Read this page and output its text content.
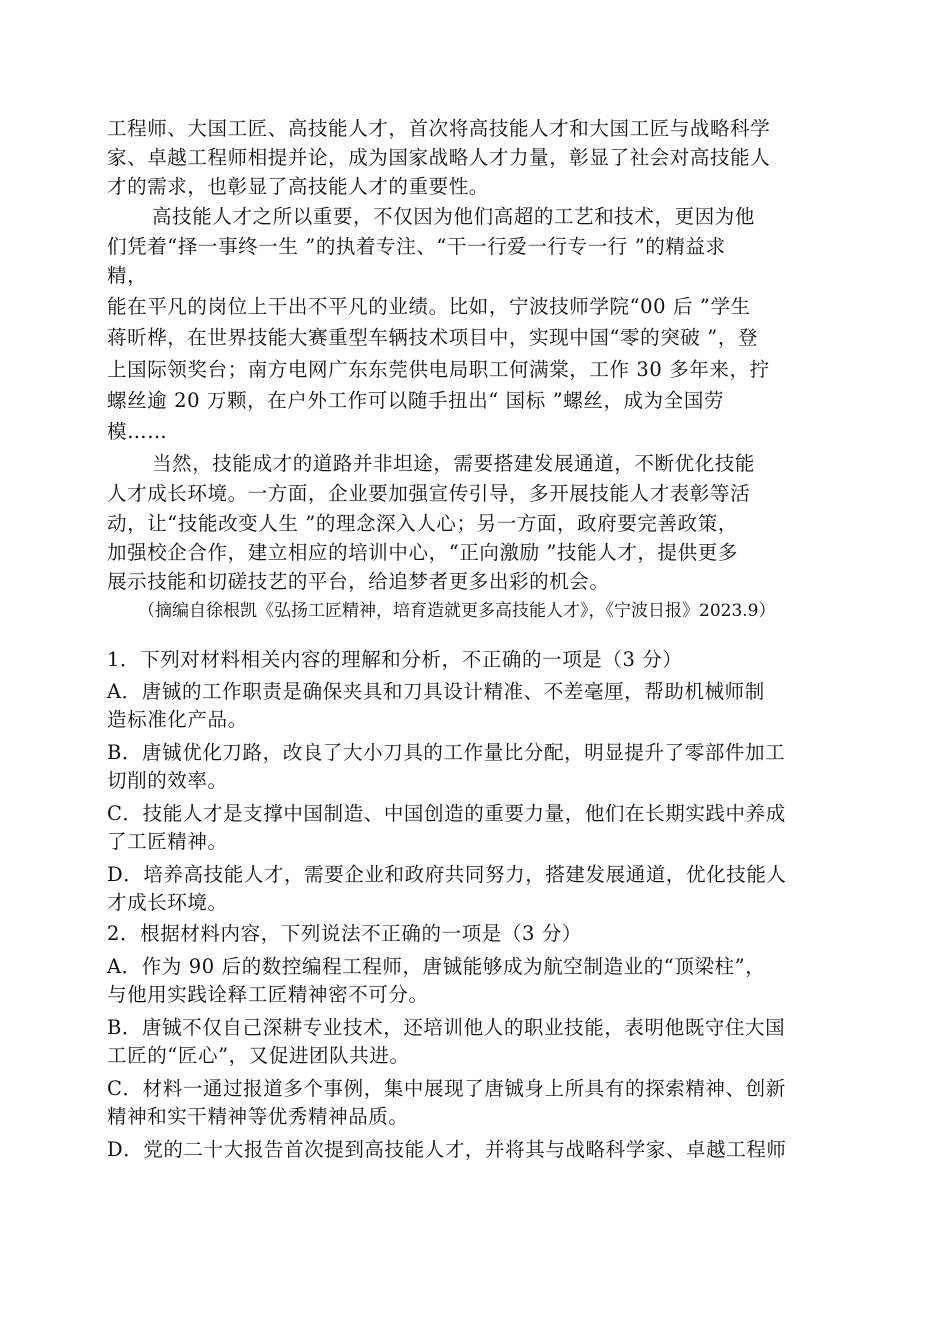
工程师、大国工匠、高技能人才，首次将高技能人才和大国工匠与战略科学
家、卓越工程师相提并论，成为国家战略人才力量，彰显了社会对高技能人
才的需求，也彰显了高技能人才的重要性。
高技能人才之所以重要，不仅因为他们高超的工艺和技术，更因为他
们凭着“择一事终一生 ”的执着专注、“干一行爱一行专一行 ”的精益求
精，
能在平凡的岗位上干出不平凡的业绩。比如，宁波技师学院“00 后 ”学生
蒋昕桦，在世界技能大赛重型车辆技术项目中，实现中国“零的突破 ”，登
上国际领奖台；南方电网广东东莞供电局职工何满棠，工作 30 多年来，拧
螺丝逾 20 万颗，在户外工作可以随手扭出“ 国标 ”螺丝，成为全国劳
模……
当然，技能成才的道路并非坦途，需要搭建发展通道，不断优化技能
人才成长环境。一方面，企业要加强宣传引导，多开展技能人才表彰等活
动，让“技能改变人生 ”的理念深入人心；另一方面，政府要完善政策，
加强校企合作，建立相应的培训中心，“正向激励 ”技能人才，提供更多
展示技能和切磋技艺的平台，给追梦者更多出彩的机会。
（摘编自徐根凯《弘扬工匠精神，培育造就更多高技能人才》，《宁波日报》2023.9）
1．下列对材料相关内容的理解和分析，不正确的一项是（3 分）
A．唐铖的工作职责是确保夹具和刀具设计精准、不差毫厘，帮助机械师制
造标准化产品。
B．唐铖优化刀路，改良了大小刀具的工作量比分配，明显提升了零部件加工
切削的效率。
C．技能人才是支撑中国制造、中国创造的重要力量，他们在长期实践中养成
了工匠精神。
D．培养高技能人才，需要企业和政府共同努力，搭建发展通道，优化技能人
才成长环境。
2．根据材料内容，下列说法不正确的一项是（3 分）
A．作为 90 后的数控编程工程师，唐铖能够成为航空制造业的“顶梁柱”，
与他用实践诠释工匠精神密不可分。
B．唐铖不仅自己深耕专业技术，还培训他人的职业技能，表明他既守住大国
工匠的“匠心”，又促进团队共进。
C．材料一通过报道多个事例，集中展现了唐铖身上所具有的探索精神、创新
精神和实干精神等优秀精神品质。
D．党的二十大报告首次提到高技能人才，并将其与战略科学家、卓越工程师
